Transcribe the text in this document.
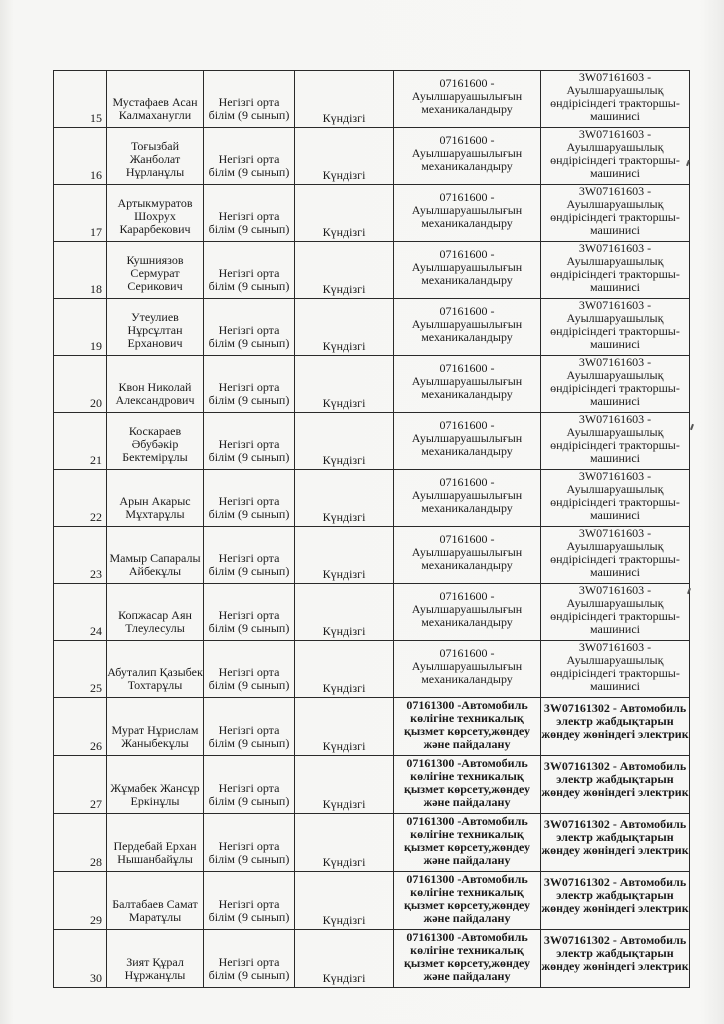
15	Мустафаев Асан Калмаханугли	Негізгі орта білім (9 сынып)	Күндізгі	07161600 - Ауылшаруашылығын механикаландыру	3W07161603 - Ауылшаруашылық өндірісіндегі тракторшы-машинисі
16	Тоғызбай Жанболат Нұрланұлы	Негізгі орта білім (9 сынып)	Күндізгі	07161600 - Ауылшаруашылығын механикаландыру	3W07161603 - Ауылшаруашылық өндірісіндегі тракторшы-машинисі
17	Артыкмуратов Шохрух Карарбекович	Негізгі орта білім (9 сынып)	Күндізгі	07161600 - Ауылшаруашылығын механикаландыру	3W07161603 - Ауылшаруашылық өндірісіндегі тракторшы-машинисі
18	Кушниязов Сермурат Серикович	Негізгі орта білім (9 сынып)	Күндізгі	07161600 - Ауылшаруашылығын механикаландыру	3W07161603 - Ауылшаруашылық өндірісіндегі тракторшы-машинисі
19	Утеулиев Нұрсұлтан Ерханович	Негізгі орта білім (9 сынып)	Күндізгі	07161600 - Ауылшаруашылығын механикаландыру	3W07161603 - Ауылшаруашылық өндірісіндегі тракторшы-машинисі
20	Квон Николай Александрович	Негізгі орта білім (9 сынып)	Күндізгі	07161600 - Ауылшаруашылығын механикаландыру	3W07161603 - Ауылшаруашылық өндірісіндегі тракторшы-машинисі
21	Коскараев Әбубәкір Бектемірұлы	Негізгі орта білім (9 сынып)	Күндізгі	07161600 - Ауылшаруашылығын механикаландыру	3W07161603 - Ауылшаруашылық өндірісіндегі тракторшы-машинисі
22	Арын Акарыс Мұхтарұлы	Негізгі орта білім (9 сынып)	Күндізгі	07161600 - Ауылшаруашылығын механикаландыру	3W07161603 - Ауылшаруашылық өндірісіндегі тракторшы-машинисі
23	Мамыр Сапаралы Айбекұлы	Негізгі орта білім (9 сынып)	Күндізгі	07161600 - Ауылшаруашылығын механикаландыру	3W07161603 - Ауылшаруашылық өндірісіндегі тракторшы-машинисі
24	Копжасар Аян Тлеулесулы	Негізгі орта білім (9 сынып)	Күндізгі	07161600 - Ауылшаруашылығын механикаландыру	3W07161603 - Ауылшаруашылық өндірісіндегі тракторшы-машинисі
25	Абуталип Қазыбек Тохтарұлы	Негізгі орта білім (9 сынып)	Күндізгі	07161600 - Ауылшаруашылығын механикаландыру	3W07161603 - Ауылшаруашылық өндірісіндегі тракторшы-машинисі
26	Мурат Нұрислам Жаныбекұлы	Негізгі орта білім (9 сынып)	Күндізгі	07161300 -Автомобиль көлігіне техникалық қызмет көрсету,жөндеу және пайдалану	3W07161302 - Автомобиль электр жабдықтарын жөндеу жөніндегі электрик
27	Жұмабек Жансұр Еркінұлы	Негізгі орта білім (9 сынып)	Күндізгі	07161300 -Автомобиль көлігіне техникалық қызмет көрсету,жөндеу және пайдалану	3W07161302 - Автомобиль электр жабдықтарын жөндеу жөніндегі электрик
28	Пердебай Ерхан Нышанбайұлы	Негізгі орта білім (9 сынып)	Күндізгі	07161300 -Автомобиль көлігіне техникалық қызмет көрсету,жөндеу және пайдалану	3W07161302 - Автомобиль электр жабдықтарын жөндеу жөніндегі электрик
29	Балтабаев Самат Маратұлы	Негізгі орта білім (9 сынып)	Күндізгі	07161300 -Автомобиль көлігіне техникалық қызмет көрсету,жөндеу және пайдалану	3W07161302 - Автомобиль электр жабдықтарын жөндеу жөніндегі электрик
30	Зият Құрал Нұржанұлы	Негізгі орта білім (9 сынып)	Күндізгі	07161300 -Автомобиль көлігіне техникалық қызмет көрсету,жөндеу және пайдалану	3W07161302 - Автомобиль электр жабдықтарын жөндеу жөніндегі электрик
